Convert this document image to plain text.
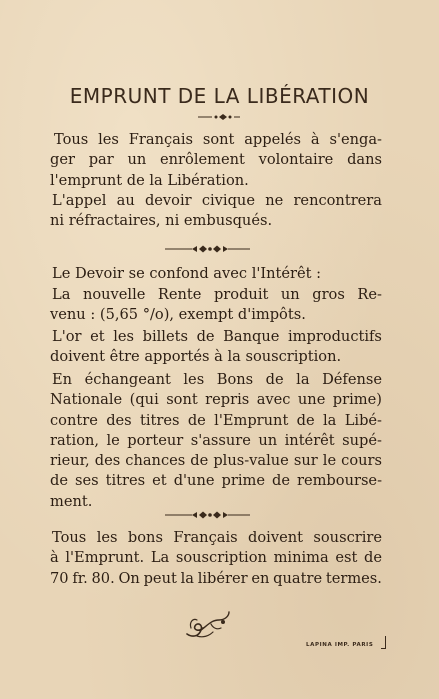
EMPRUNT DE LA LIBÉRATION
Tous les Français sont appelés à s'enga-
ger par un enrôlement volontaire dans
l'emprunt de la Libération.
L'appel au devoir civique ne rencontrera
ni réfractaires, ni embusqués.
Le Devoir se confond avec l'Intérêt :
La nouvelle Rente produit un gros Re-
venu : (5,65 °/o), exempt d'impôts.
L'or et les billets de Banque improductifs
doivent être apportés à la souscription.
En échangeant les Bons de la Défense
Nationale (qui sont repris avec une prime)
contre des titres de l'Emprunt de la Libé-
ration, le porteur s'assure un intérêt supé-
rieur, des chances de plus-value sur le cours
de ses titres et d'une prime de rembourse-
ment.
Tous les bons Français doivent souscrire
à l'Emprunt. La souscription minima est de
70 fr. 80. On peut la libérer en quatre termes.
LAPINA IMP. PARIS
